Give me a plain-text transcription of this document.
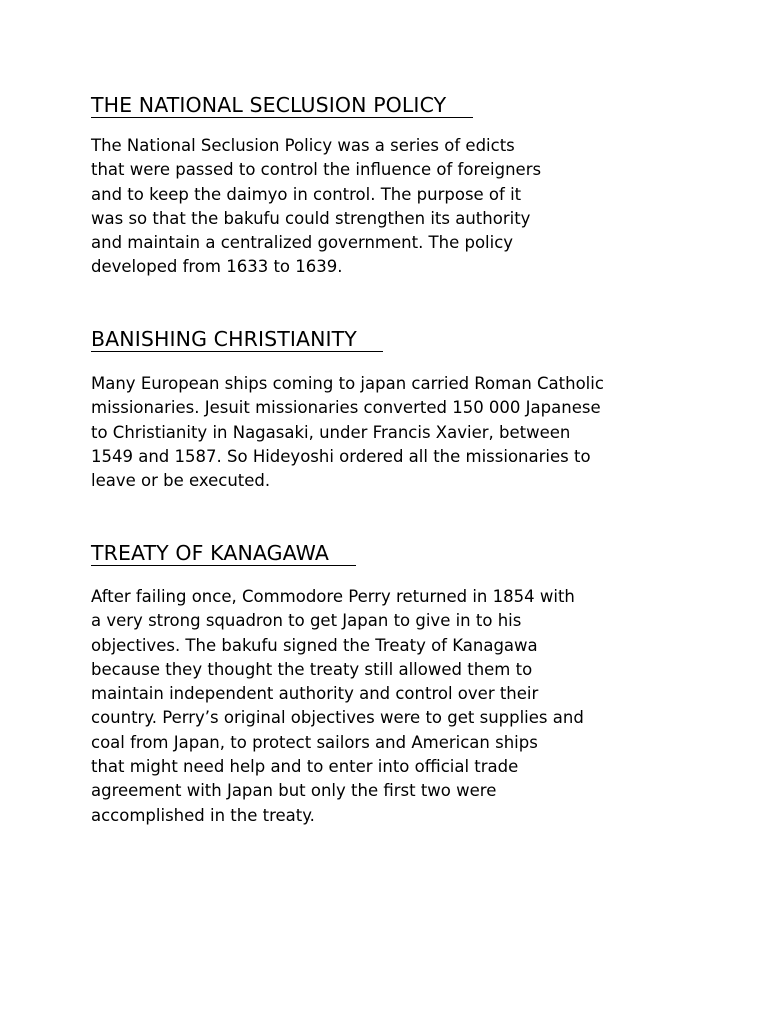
THE NATIONAL SECLUSION POLICY

The National Seclusion Policy was a series of edicts
that were passed to control the influence of foreigners
and to keep the daimyo in control. The purpose of it
was so that the bakufu could strengthen its authority
and maintain a centralized government. The policy
developed from 1633 to 1639.

BANISHING CHRISTIANITY

Many European ships coming to japan carried Roman Catholic
missionaries. Jesuit missionaries converted 150 000 Japanese
to Christianity in Nagasaki, under Francis Xavier, between
1549 and 1587. So Hideyoshi ordered all the missionaries to
leave or be executed.

TREATY OF KANAGAWA

After failing once, Commodore Perry returned in 1854 with
a very strong squadron to get Japan to give in to his
objectives. The bakufu signed the Treaty of Kanagawa
because they thought the treaty still allowed them to
maintain independent authority and control over their
country. Perry’s original objectives were to get supplies and
coal from Japan, to protect sailors and American ships
that might need help and to enter into official trade
agreement with Japan but only the first two were
accomplished in the treaty.
